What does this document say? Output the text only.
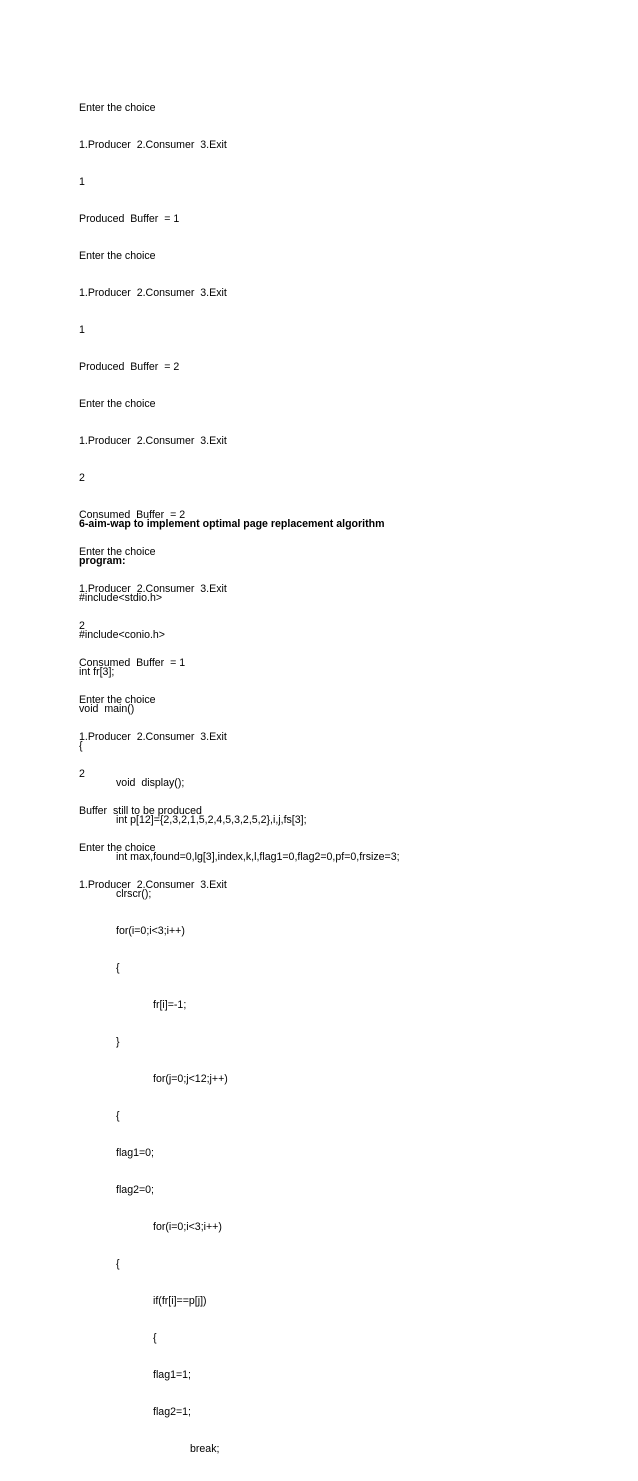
Enter the choice

1.Producer  2.Consumer  3.Exit

1

Produced  Buffer  = 1

Enter the choice

1.Producer  2.Consumer  3.Exit

1

Produced  Buffer  = 2

Enter the choice

1.Producer  2.Consumer  3.Exit

2

Consumed  Buffer  = 2

Enter the choice

1.Producer  2.Consumer  3.Exit

2

Consumed  Buffer  = 1

Enter the choice

1.Producer  2.Consumer  3.Exit

2

Buffer  still to be produced

Enter the choice

1.Producer  2.Consumer  3.Exit

6-aim-wap to implement optimal page replacement algorithm

program:

#include<stdio.h>

#include<conio.h>

int fr[3];

void  main()

{

void  display();

int p[12]={2,3,2,1,5,2,4,5,3,2,5,2},i,j,fs[3];

int max,found=0,lg[3],index,k,l,flag1=0,flag2=0,pf=0,frsize=3;

clrscr();

for(i=0;i<3;i++)

{

fr[i]=-1;

}

for(j=0;j<12;j++)

{

flag1=0;

flag2=0;

for(i=0;i<3;i++)

{

if(fr[i]==p[j])

{

flag1=1;

flag2=1;

break;
